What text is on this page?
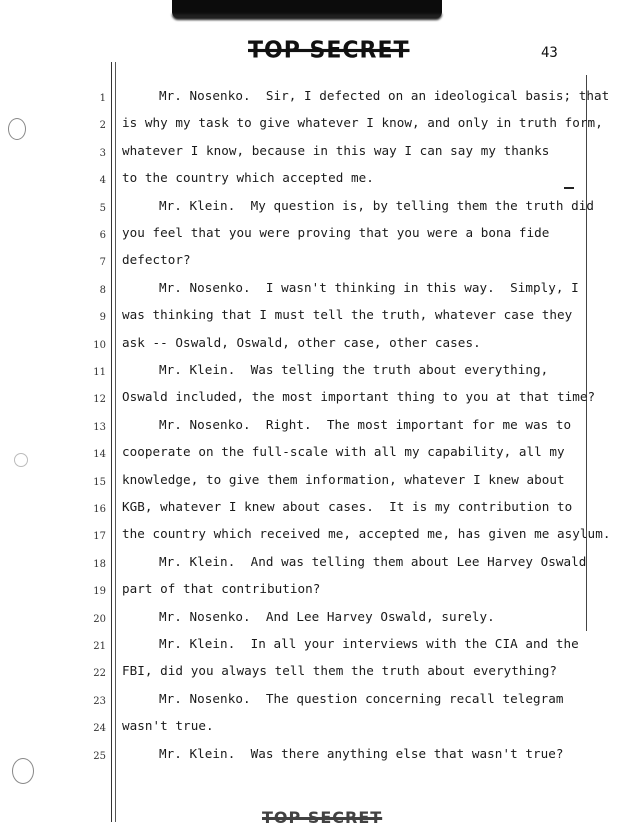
TOP SECRET	43
1	Mr. Nosenko.  Sir, I defected on an ideological basis; that
2 is why my task to give whatever I know, and only in truth form,
3 whatever I know, because in this way I can say my thanks
4 to the country which accepted me.
5	Mr. Klein.  My question is, by telling them the truth did
6 you feel that you were proving that you were a bona fide
7 defector?
8	Mr. Nosenko.  I wasn't thinking in this way.  Simply, I
9 was thinking that I must tell the truth, whatever case they
10 ask -- Oswald, Oswald, other case, other cases.
11	Mr. Klein.  Was telling the truth about everything,
12 Oswald included, the most important thing to you at that time?
13	Mr. Nosenko.  Right.  The most important for me was to
14 cooperate on the full-scale with all my capability, all my
15 knowledge, to give them information, whatever I knew about
16 KGB, whatever I knew about cases.  It is my contribution to
17 the country which received me, accepted me, has given me asylum.
18	Mr. Klein.  And was telling them about Lee Harvey Oswald
19 part of that contribution?
20	Mr. Nosenko.  And Lee Harvey Oswald, surely.
21	Mr. Klein.  In all your interviews with the CIA and the
22 FBI, did you always tell them the truth about everything?
23	Mr. Nosenko.  The question concerning recall telegram
24 wasn't true.
25	Mr. Klein.  Was there anything else that wasn't true?
TOP SECRET
